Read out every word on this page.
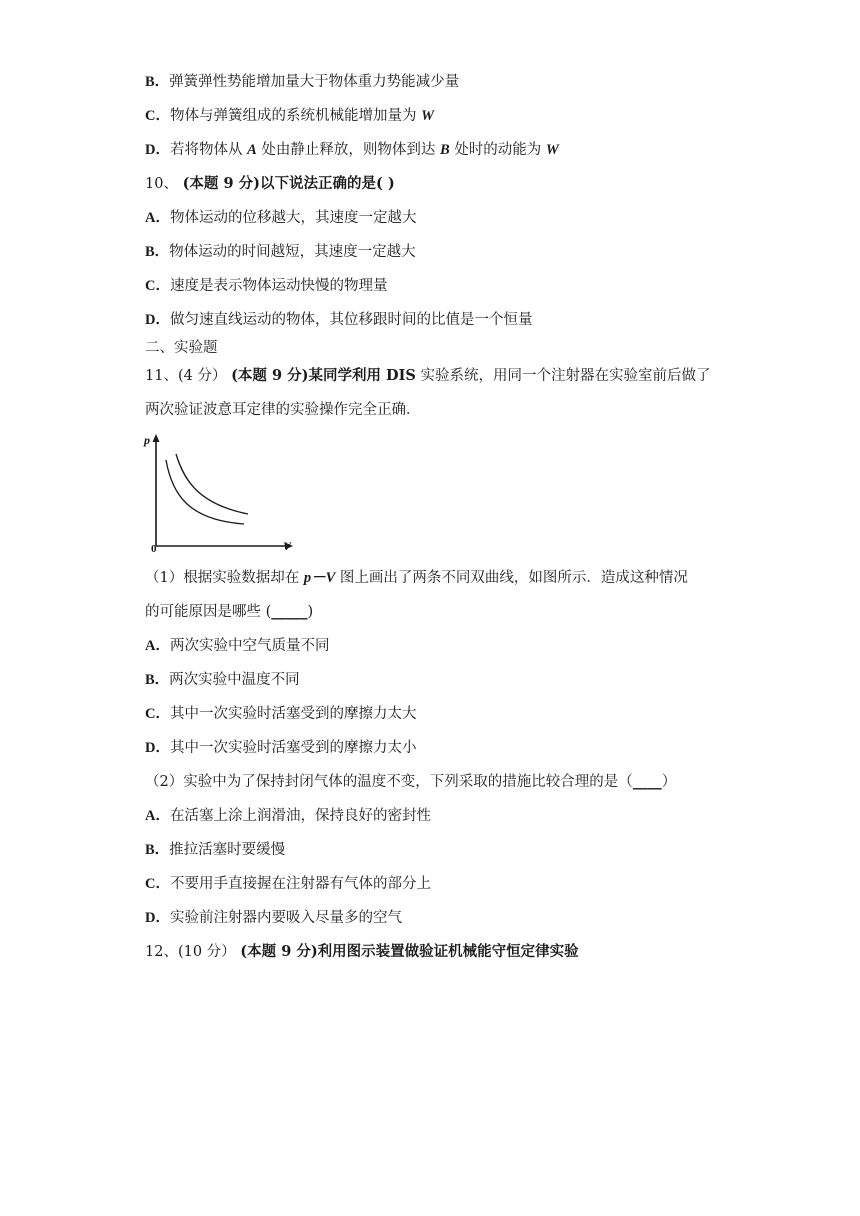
B．弹簧弹性势能增加量大于物体重力势能减少量
C．物体与弹簧组成的系统机械能增加量为 W
D．若将物体从 A 处由静止释放，则物体到达 B 处时的动能为 W
10、 (本题 9 分)以下说法正确的是( )
A．物体运动的位移越大，其速度一定越大
B．物体运动的时间越短，其速度一定越大
C．速度是表示物体运动快慢的物理量
D．做匀速直线运动的物体，其位移跟时间的比值是一个恒量
二、实验题
11、(4 分） (本题 9 分)某同学利用 DIS 实验系统，用同一个注射器在实验室前后做了
两次验证波意耳定律的实验操作完全正确．
p
V
0
（1）根据实验数据却在 p－V 图上画出了两条不同双曲线，如图所示．造成这种情况
的可能原因是哪些 (_____)
A．两次实验中空气质量不同
B．两次实验中温度不同
C．其中一次实验时活塞受到的摩擦力太大
D．其中一次实验时活塞受到的摩擦力太小
（2）实验中为了保持封闭气体的温度不变，下列采取的措施比较合理的是（____）
A．在活塞上涂上润滑油，保持良好的密封性
B．推拉活塞时要缓慢
C．不要用手直接握在注射器有气体的部分上
D．实验前注射器内要吸入尽量多的空气
12、(10 分） (本题 9 分)利用图示装置做验证机械能守恒定律实验
